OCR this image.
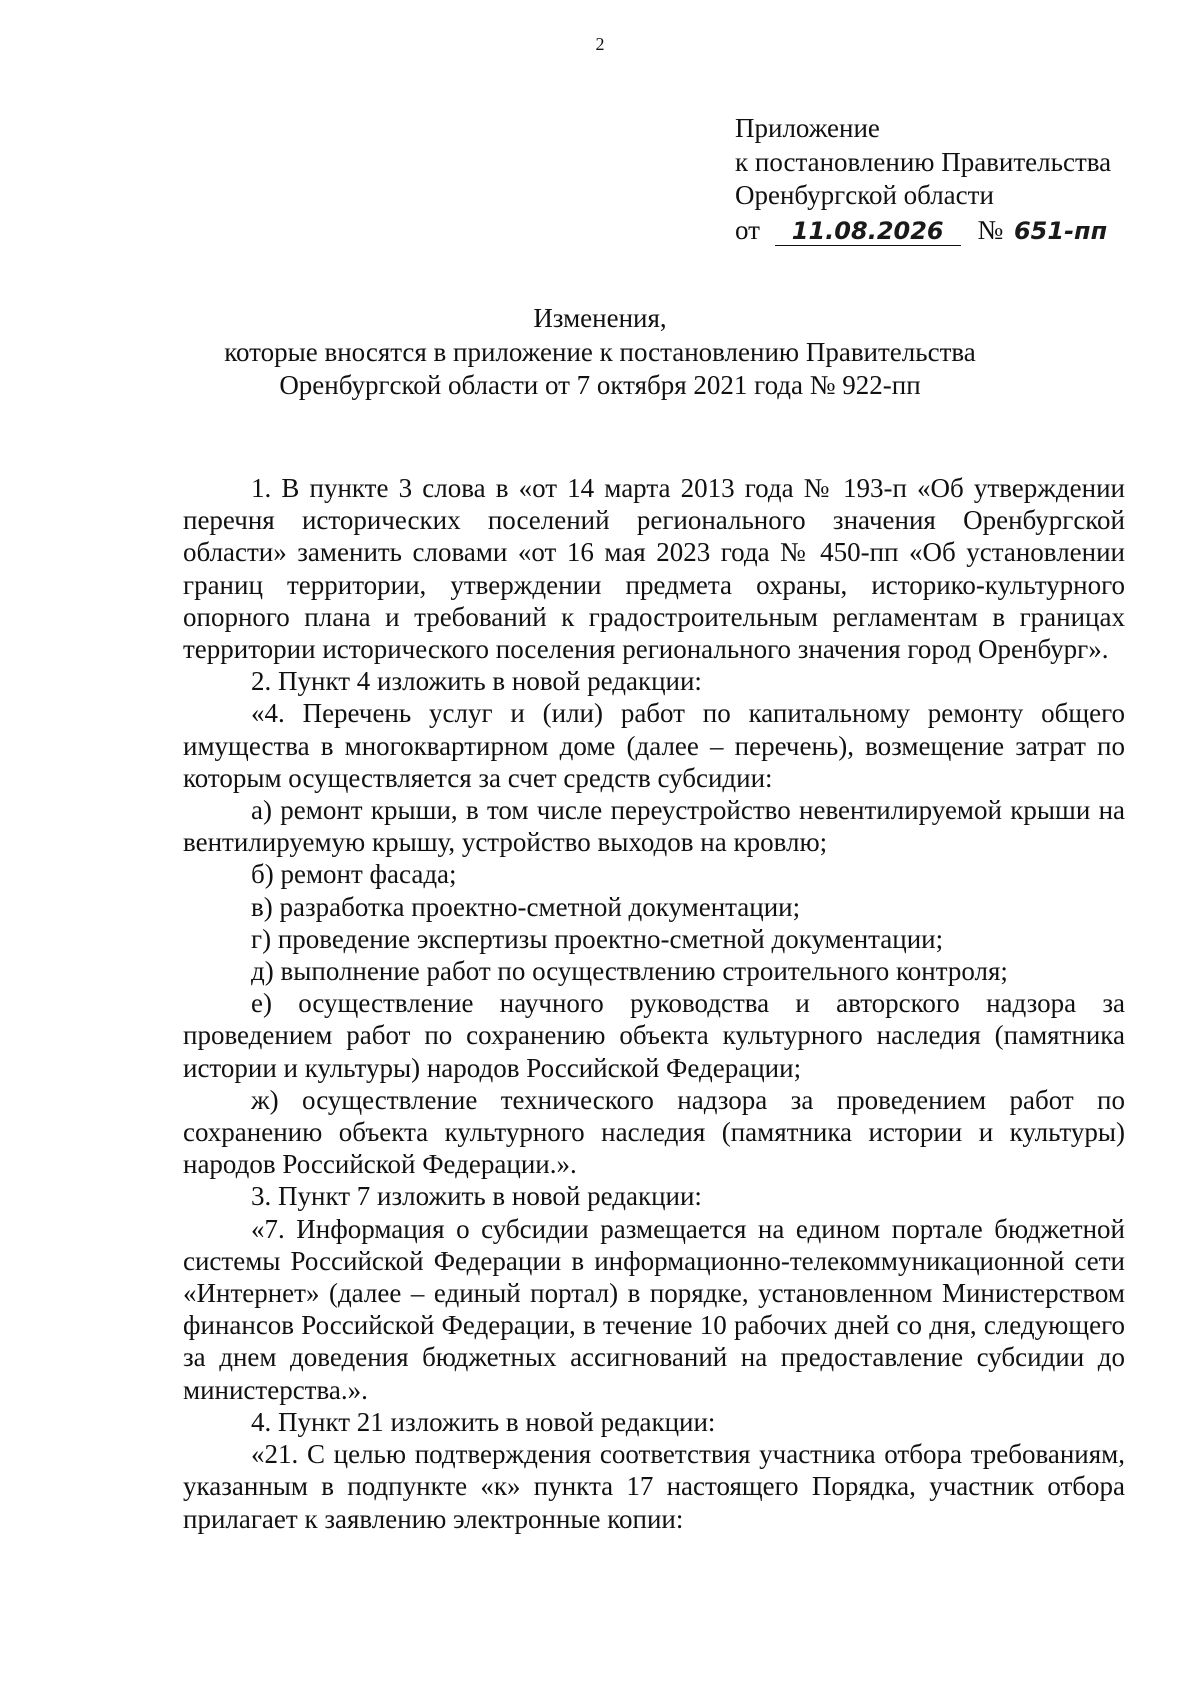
2
Приложение
к постановлению Правительства
Оренбургской области
от 11.08.2026 № 651-пп
Изменения,
которые вносятся в приложение к постановлению Правительства
Оренбургской области от 7 октября 2021 года № 922-пп

1. В пункте 3 слова в «от 14 марта 2013 года № 193-п «Об утверждении перечня исторических поселений регионального значения Оренбургской области» заменить словами «от 16 мая 2023 года № 450-пп «Об установлении границ территории, утверждении предмета охраны, историко-культурного опорного плана и требований к градостроительным регламентам в границах территории исторического поселения регионального значения город Оренбург».

2. Пункт 4 изложить в новой редакции:

«4. Перечень услуг и (или) работ по капитальному ремонту общего имущества в многоквартирном доме (далее – перечень), возмещение затрат по которым осуществляется за счет средств субсидии:

а) ремонт крыши, в том числе переустройство невентилируемой крыши на вентилируемую крышу, устройство выходов на кровлю;

б) ремонт фасада;

в) разработка проектно-сметной документации;

г) проведение экспертизы проектно-сметной документации;

д) выполнение работ по осуществлению строительного контроля;

е) осуществление научного руководства и авторского надзора за проведением работ по сохранению объекта культурного наследия (памятника истории и культуры) народов Российской Федерации;

ж) осуществление технического надзора за проведением работ по сохранению объекта культурного наследия (памятника истории и культуры) народов Российской Федерации.».

3. Пункт 7 изложить в новой редакции:

«7. Информация о субсидии размещается на едином портале бюджетной системы Российской Федерации в информационно-телекоммуникационной сети «Интернет» (далее – единый портал) в порядке, установленном Министерством финансов Российской Федерации, в течение 10 рабочих дней со дня, следующего за днем доведения бюджетных ассигнований на предоставление субсидии до министерства.».

4. Пункт 21 изложить в новой редакции:

«21. С целью подтверждения соответствия участника отбора требованиям, указанным в подпункте «к» пункта 17 настоящего Порядка, участник отбора прилагает к заявлению электронные копии:
